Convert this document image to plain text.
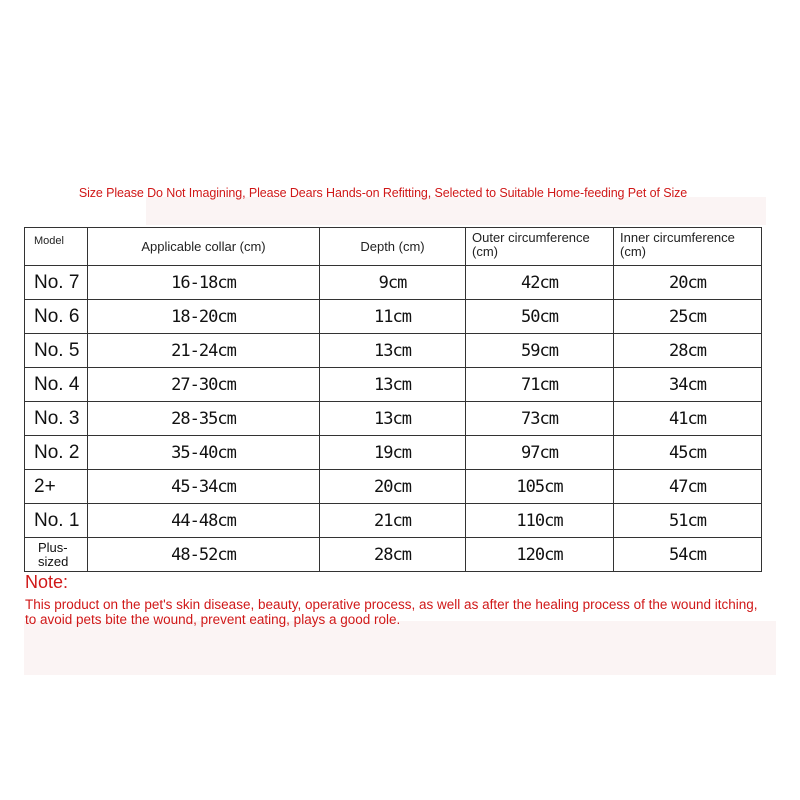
Size Please Do Not Imagining, Please Dears Hands-on Refitting, Selected to Suitable Home-feeding Pet of Size
Model	Applicable collar (cm)	Depth (cm)	Outer circumference (cm)	Inner circumference (cm)
No. 7	16-18cm	9cm	42cm	20cm
No. 6	18-20cm	11cm	50cm	25cm
No. 5	21-24cm	13cm	59cm	28cm
No. 4	27-30cm	13cm	71cm	34cm
No. 3	28-35cm	13cm	73cm	41cm
No. 2	35-40cm	19cm	97cm	45cm
2+	45-34cm	20cm	105cm	47cm
No. 1	44-48cm	21cm	110cm	51cm
Plus-sized	48-52cm	28cm	120cm	54cm
Note:
This product on the pet's skin disease, beauty, operative process, as well as after the healing process of the wound itching, to avoid pets bite the wound, prevent eating, plays a good role.
